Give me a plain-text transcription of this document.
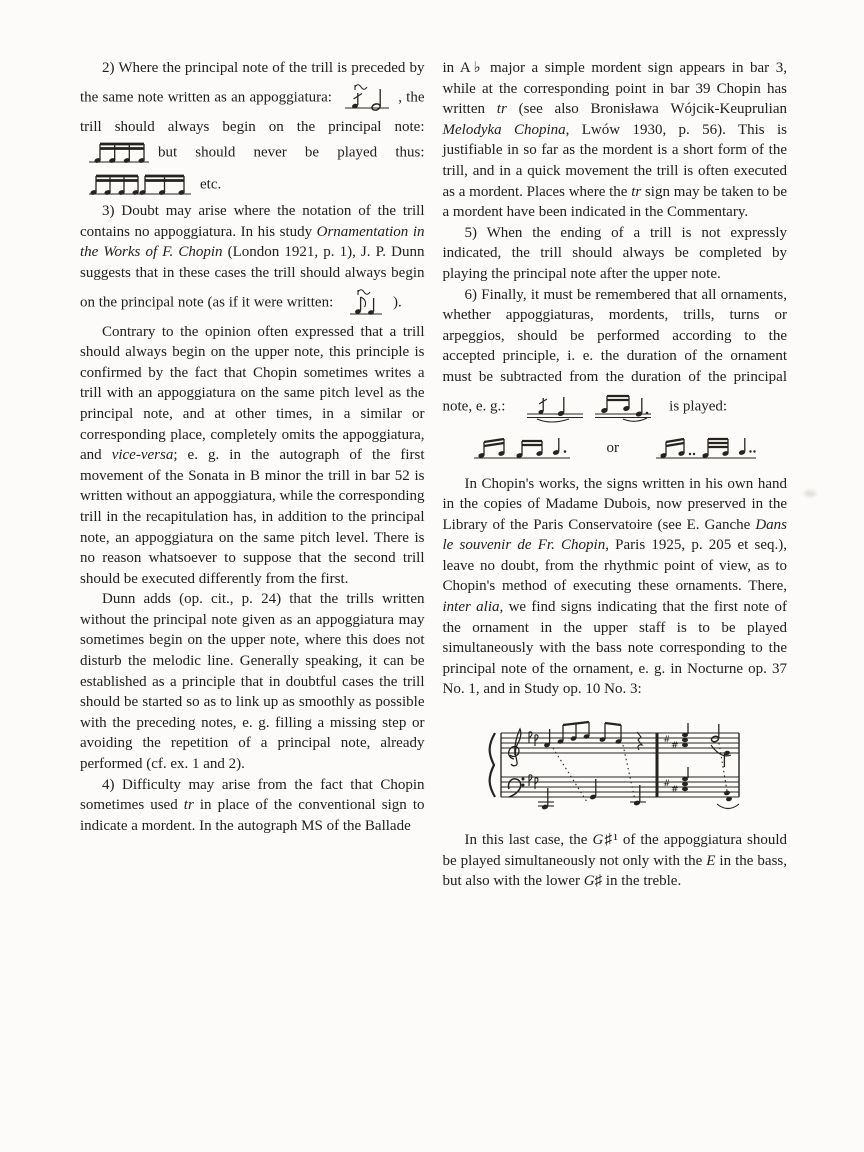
2) Where the principal note of the trill is preceded by the same note written as an appoggiatura:	, the trill should always begin on the principal note: but should never be played thus: etc.

3) Doubt may arise where the notation of the trill contains no appoggiatura. In his study Ornamentation in the Works of F. Chopin (London 1921, p. 1), J. P. Dunn suggests that in these cases the trill should always begin on the principal note (as if it were written:	).

Contrary to the opinion often expressed that a trill should always begin on the upper note, this principle is confirmed by the fact that Chopin sometimes writes a trill with an appoggiatura on the same pitch level as the principal note, and at other times, in a similar or corresponding place, completely omits the appoggiatura, and vice-versa; e. g. in the autograph of the first movement of the Sonata in B minor the trill in bar 52 is written without an appoggiatura, while the corresponding trill in the recapitulation has, in addition to the principal note, an appoggiatura on the same pitch level. There is no reason whatsoever to suppose that the second trill should be executed differently from the first.

Dunn adds (op. cit., p. 24) that the trills written without the principal note given as an appoggiatura may sometimes begin on the upper note, where this does not disturb the melodic line. Generally speaking, it can be established as a principle that in doubtful cases the trill should be started so as to link up as smoothly as possible with the preceding notes, e. g. filling a missing step or avoiding the repetition of a principal note, already performed (cf. ex. 1 and 2).

4) Difficulty may arise from the fact that Chopin sometimes used tr in place of the conventional sign to indicate a mordent. In the autograph MS of the Ballade

in A♭ major a simple mordent sign appears in bar 3, while at the corresponding point in bar 39 Chopin has written tr (see also Bronisława Wójcik-Keuprulian Melodyka Chopina, Lwów 1930, p. 56). This is justifiable in so far as the mordent is a short form of the trill, and in a quick movement the trill is often executed as a mordent. Places where the tr sign may be taken to be a mordent have been indicated in the Commentary.

5) When the ending of a trill is not expressly indicated, the trill should always be completed by playing the principal note after the upper note.

6) Finally, it must be remembered that all ornaments, whether appoggiaturas, mordents, trills, turns or arpeggios, should be performed according to the accepted principle, i. e. the duration of the ornament must be subtracted from the duration of the principal note, e. g.:	is played:

or

In Chopin's works, the signs written in his own hand in the copies of Madame Dubois, now preserved in the Library of the Paris Conservatoire (see E. Ganche Dans le souvenir de Fr. Chopin, Paris 1925, p. 205 et seq.), leave no doubt, from the rhythmic point of view, as to Chopin's method of executing these ornaments. There, inter alia, we find signs indicating that the first note of the ornament in the upper staff is to be played simultaneously with the bass note corresponding to the principal note of the ornament, e. g. in Nocturne op. 37 No. 1, and in Study op. 10 No. 3:

#
#
#
#

In this last case, the G♯¹ of the appoggiatura should be played simultaneously not only with the E in the bass, but also with the lower G♯ in the treble.
